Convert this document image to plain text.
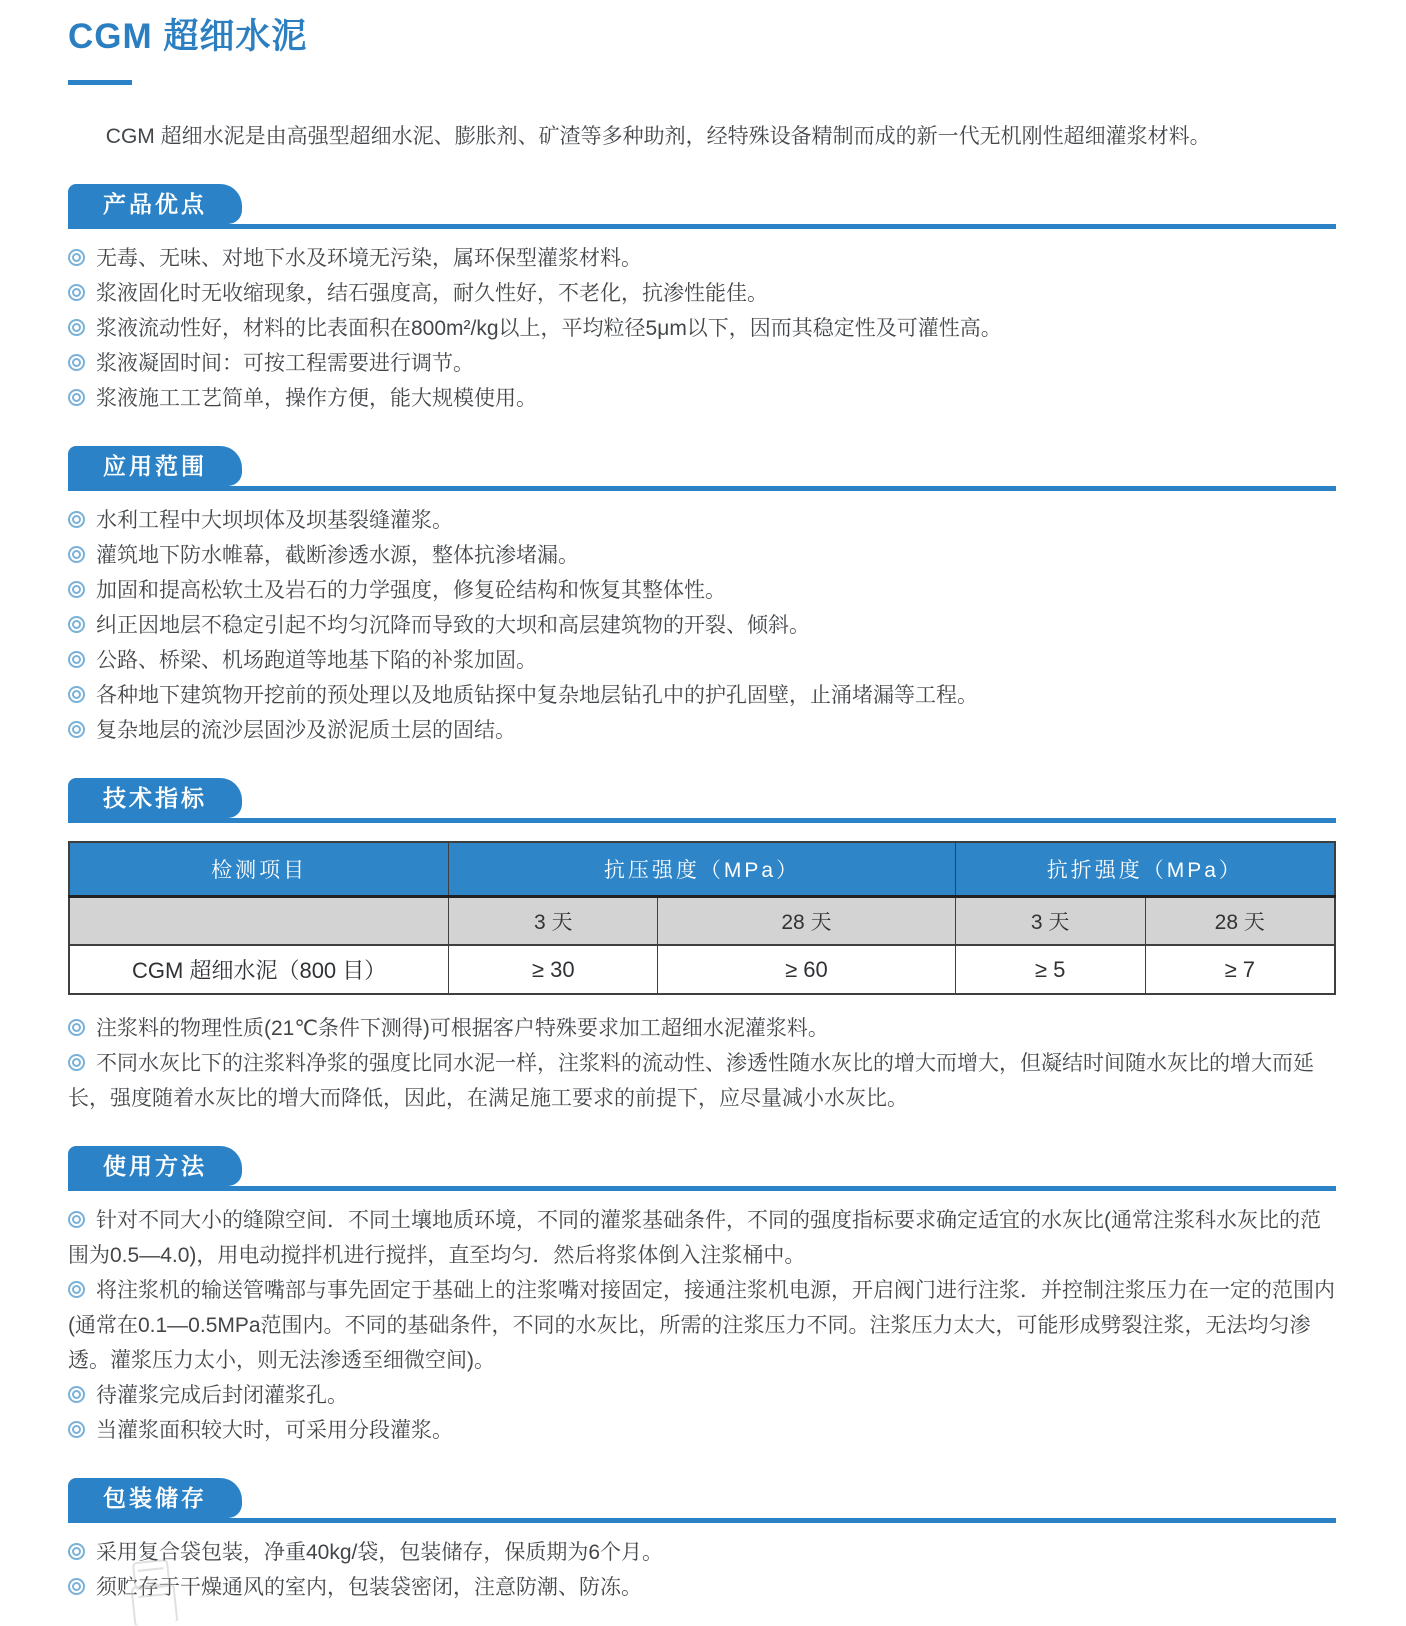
CGM 超细水泥

CGM 超细水泥是由高强型超细水泥、膨胀剂、矿渣等多种助剂，经特殊设备精制而成的新一代无机刚性超细灌浆材料。

产品优点
无毒、无味、对地下水及环境无污染，属环保型灌浆材料。
浆液固化时无收缩现象，结石强度高，耐久性好，不老化，抗渗性能佳。
浆液流动性好，材料的比表面积在800m²/kg以上，平均粒径5μm以下，因而其稳定性及可灌性高。
浆液凝固时间：可按工程需要进行调节。
浆液施工工艺简单，操作方便，能大规模使用。
应用范围
水利工程中大坝坝体及坝基裂缝灌浆。
灌筑地下防水帷幕，截断渗透水源，整体抗渗堵漏。
加固和提高松软土及岩石的力学强度，修复砼结构和恢复其整体性。
纠正因地层不稳定引起不均匀沉降而导致的大坝和高层建筑物的开裂、倾斜。
公路、桥梁、机场跑道等地基下陷的补浆加固。
各种地下建筑物开挖前的预处理以及地质钻探中复杂地层钻孔中的护孔固壁，止涌堵漏等工程。
复杂地层的流沙层固沙及淤泥质土层的固结。
技术指标
检测项目	抗压强度（MPa）		抗折强度（MPa）	
	3 天	28 天	3 天	28 天
CGM 超细水泥（800 目）	≥ 30	≥ 60	≥ 5	≥ 7
注浆料的物理性质(21℃条件下测得)可根据客户特殊要求加工超细水泥灌浆料。
不同水灰比下的注浆料净浆的强度比同水泥一样，注浆料的流动性、渗透性随水灰比的增大而增大，但凝结时间随水灰比的增大而延长，强度随着水灰比的增大而降低，因此，在满足施工要求的前提下，应尽量减小水灰比。
使用方法
针对不同大小的缝隙空间．不同土壤地质环境，不同的灌浆基础条件，不同的强度指标要求确定适宜的水灰比(通常注浆科水灰比的范围为0.5—4.0)，用电动搅拌机进行搅拌，直至均匀．然后将浆体倒入注浆桶中。
将注浆机的输送管嘴部与事先固定于基础上的注浆嘴对接固定，接通注浆机电源，开启阀门进行注浆．并控制注浆压力在一定的范围内(通常在0.1—0.5MPa范围内。不同的基础条件，不同的水灰比，所需的注浆压力不同。注浆压力太大，可能形成劈裂注浆，无法均匀渗透。灌浆压力太小，则无法渗透至细微空间)。
待灌浆完成后封闭灌浆孔。
当灌浆面积较大时，可采用分段灌浆。
包装储存
采用复合袋包装，净重40kg/袋，包装储存，保质期为6个月。
须贮存于干燥通风的室内，包装袋密闭，注意防潮、防冻。
